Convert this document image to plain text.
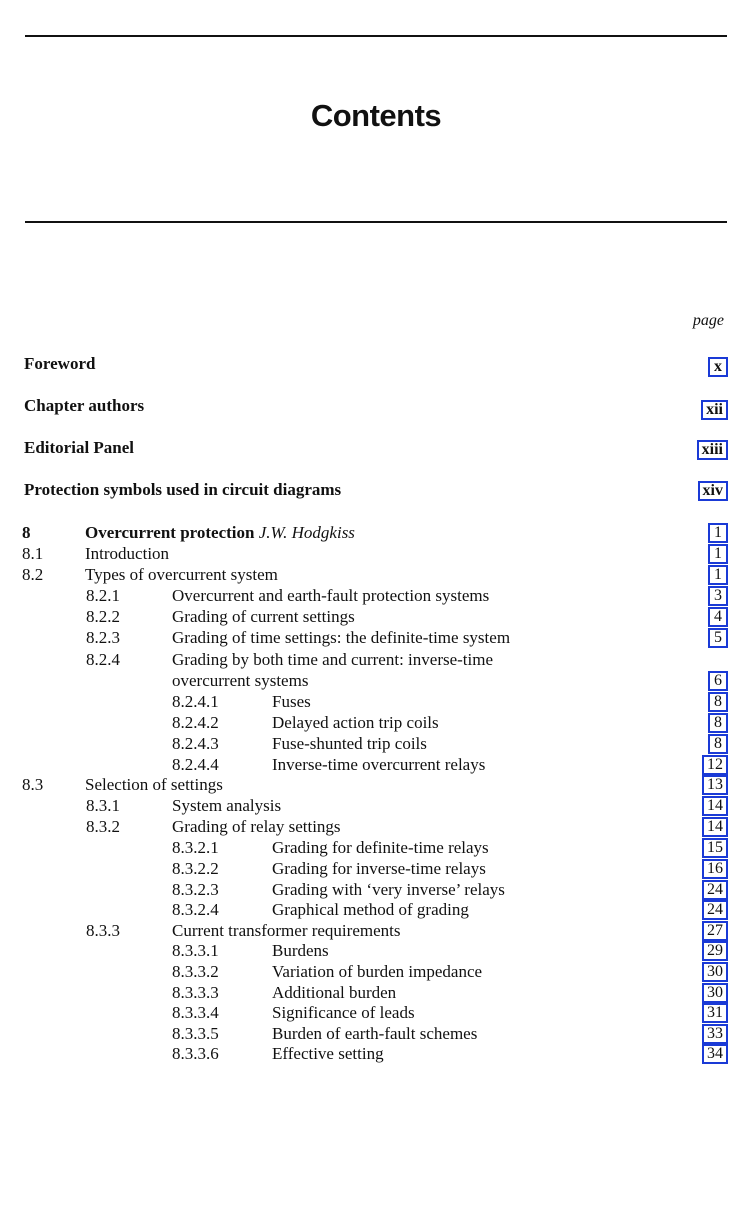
Contents
page
Foreword	x
Chapter authors	xii
Editorial Panel	xiii
Protection symbols used in circuit diagrams	xiv
8	Overcurrent protection J.W. Hodgkiss	1
8.1 Introduction	1
8.2 Types of overcurrent system	1
8.2.1	Overcurrent and earth-fault protection systems	3
8.2.2	Grading of current settings	4
8.2.3	Grading of time settings: the definite-time system	5
8.2.4	Grading by both time and current: inverse-time
overcurrent systems	6
8.2.4.1	Fuses	8
8.2.4.2	Delayed action trip coils	8
8.2.4.3	Fuse-shunted trip coils	8
8.2.4.4	Inverse-time overcurrent relays	12
8.3 Selection of settings	13
8.3.1	System analysis	14
8.3.2	Grading of relay settings	14
8.3.2.1	Grading for definite-time relays	15
8.3.2.2	Grading for inverse-time relays	16
8.3.2.3	Grading with ‘very inverse’ relays	24
8.3.2.4	Graphical method of grading	24
8.3.3	Current transformer requirements	27
8.3.3.1	Burdens	29
8.3.3.2	Variation of burden impedance	30
8.3.3.3	Additional burden	30
8.3.3.4	Significance of leads	31
8.3.3.5	Burden of earth-fault schemes	33
8.3.3.6	Effective setting	34
